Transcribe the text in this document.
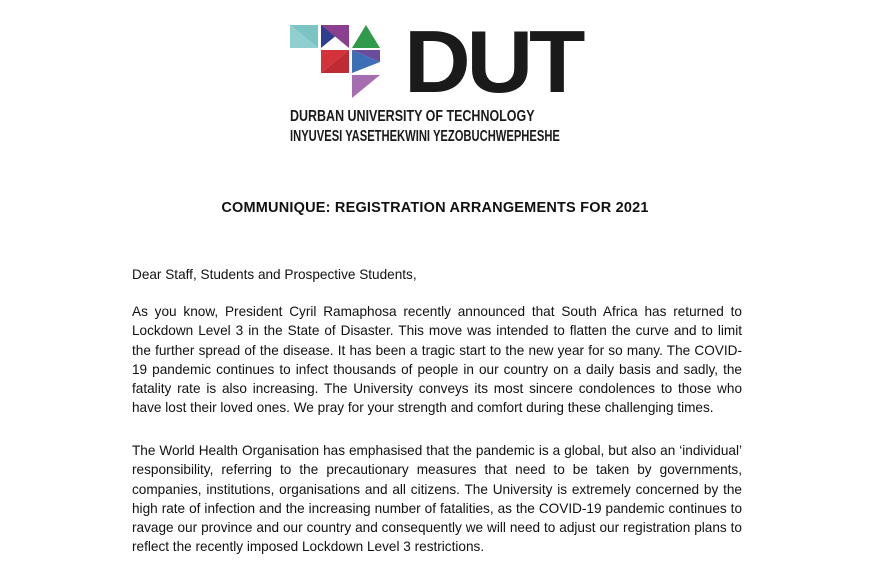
DUT
DURBAN UNIVERSITY OF TECHNOLOGY
INYUVESI YASETHEKWINI YEZOBUCHWEPHESHE
COMMUNIQUE: REGISTRATION ARRANGEMENTS FOR 2021
Dear Staff, Students and Prospective Students,
As you know, President Cyril Ramaphosa recently announced that South Africa has returned to Lockdown Level 3 in the State of Disaster. This move was intended to flatten the curve and to limit the further spread of the disease. It has been a tragic start to the new year for so many. The COVID-19 pandemic continues to infect thousands of people in our country on a daily basis and sadly, the fatality rate is also increasing. The University conveys its most sincere condolences to those who have lost their loved ones. We pray for your strength and comfort during these challenging times.
The World Health Organisation has emphasised that the pandemic is a global, but also an ‘individual’ responsibility, referring to the precautionary measures that need to be taken by governments, companies, institutions, organisations and all citizens. The University is extremely concerned by the high rate of infection and the increasing number of fatalities, as the COVID-19 pandemic continues to ravage our province and our country and consequently we will need to adjust our registration plans to reflect the recently imposed Lockdown Level 3 restrictions.
